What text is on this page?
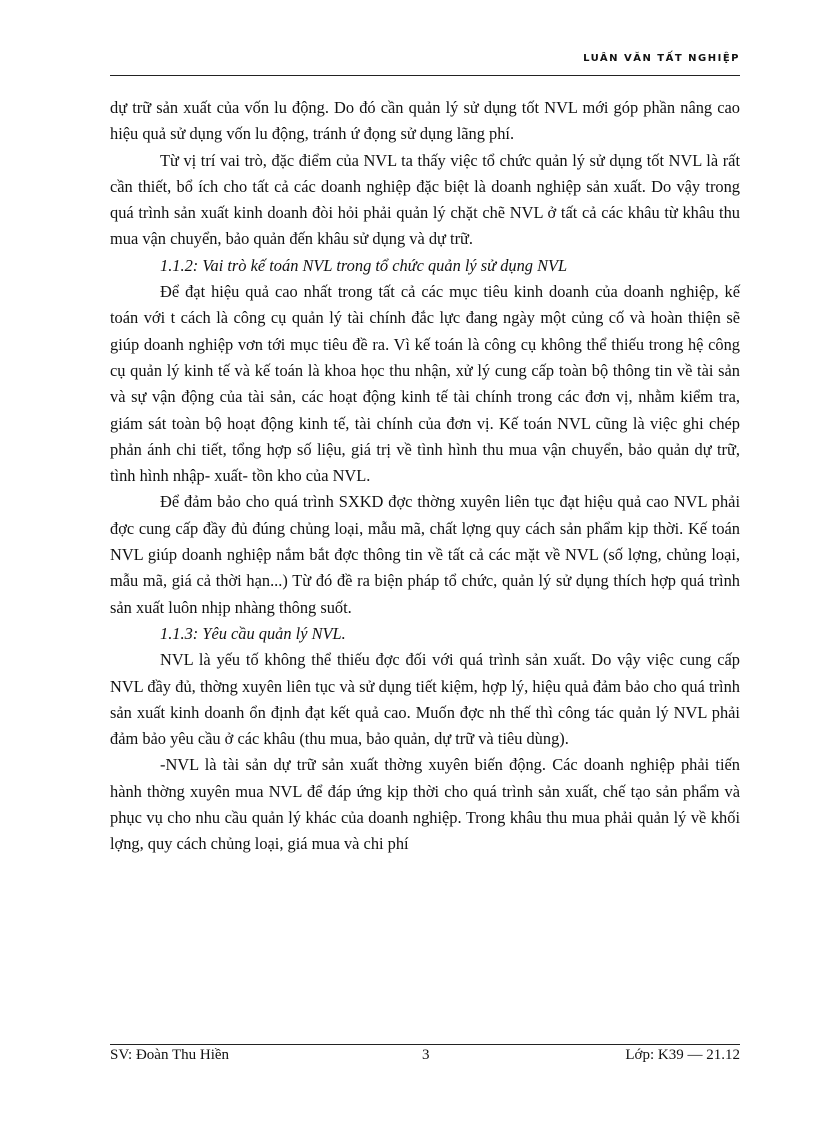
LUÂN VĂN TẤT NGHIỆP

dự trữ sản xuất của vốn lu động. Do đó cần quản lý sử dụng tốt NVL mới góp phần nâng cao hiệu quả sử dụng vốn lu động, tránh ứ đọng sử dụng lãng phí.

Từ vị trí vai trò, đặc điểm của NVL ta thấy việc tổ chức quản lý sử dụng tốt NVL là rất cần thiết, bổ ích cho tất cả các doanh nghiệp đặc biệt là doanh nghiệp sản xuất. Do vậy trong quá trình sản xuất kinh doanh đòi hỏi phải quản lý chặt chẽ NVL ở tất cả các khâu từ khâu thu mua vận chuyển, bảo quản đến khâu sử dụng và dự trữ.

1.1.2: Vai trò kế toán NVL trong tổ chức quản lý sử dụng NVL

Để đạt hiệu quả cao nhất trong tất cả các mục tiêu kinh doanh của doanh nghiệp, kế toán với t cách là công cụ quản lý tài chính đắc lực đang ngày một củng cố và hoàn thiện sẽ giúp doanh nghiệp vơn tới mục tiêu đề ra. Vì kế toán là công cụ không thể thiếu trong hệ công cụ quản lý kinh tế và kế toán là khoa học thu nhận, xử lý cung cấp toàn bộ thông tin về tài sản và sự vận động của tài sản, các hoạt động kinh tế tài chính trong các đơn vị, nhằm kiểm tra, giám sát toàn bộ hoạt động kinh tế, tài chính của đơn vị. Kế toán NVL cũng là việc ghi chép phản ánh chi tiết, tổng hợp số liệu, giá trị về tình hình thu mua vận chuyển, bảo quản dự trữ, tình hình nhập- xuất- tồn kho của NVL.

Để đảm bảo cho quá trình SXKD đợc thờng xuyên liên tục đạt hiệu quả cao NVL phải đợc cung cấp đầy đủ đúng chủng loại, mẫu mã, chất lợng quy cách sản phẩm kịp thời. Kế toán NVL giúp doanh nghiệp nắm bắt đợc thông tin về tất cả các mặt về NVL (số lợng, chủng loại, mẫu mã, giá cả thời hạn...) Từ đó đề ra biện pháp tổ chức, quản lý sử dụng thích hợp quá trình sản xuất luôn nhịp nhàng thông suốt.

1.1.3: Yêu cầu quản lý NVL.

NVL là yếu tố không thể thiếu đợc đối với quá trình sản xuất. Do vậy việc cung cấp NVL đầy đủ, thờng xuyên liên tục và sử dụng tiết kiệm, hợp lý, hiệu quả đảm bảo cho quá trình sản xuất kinh doanh ổn định đạt kết quả cao. Muốn đợc nh thế thì công tác quản lý NVL phải đảm bảo yêu cầu ở các khâu (thu mua, bảo quản, dự trữ và tiêu dùng).

-NVL là tài sản dự trữ sản xuất thờng xuyên biến động. Các doanh nghiệp phải tiến hành thờng xuyên mua NVL để đáp ứng kịp thời cho quá trình sản xuất, chế tạo sản phẩm và phục vụ cho nhu cầu quản lý khác của doanh nghiệp. Trong khâu thu mua phải quản lý về khối lợng, quy cách chủng loại, giá mua và chi phí

SV: Đoàn Thu Hiền	3	Lớp: K39 — 21.12
